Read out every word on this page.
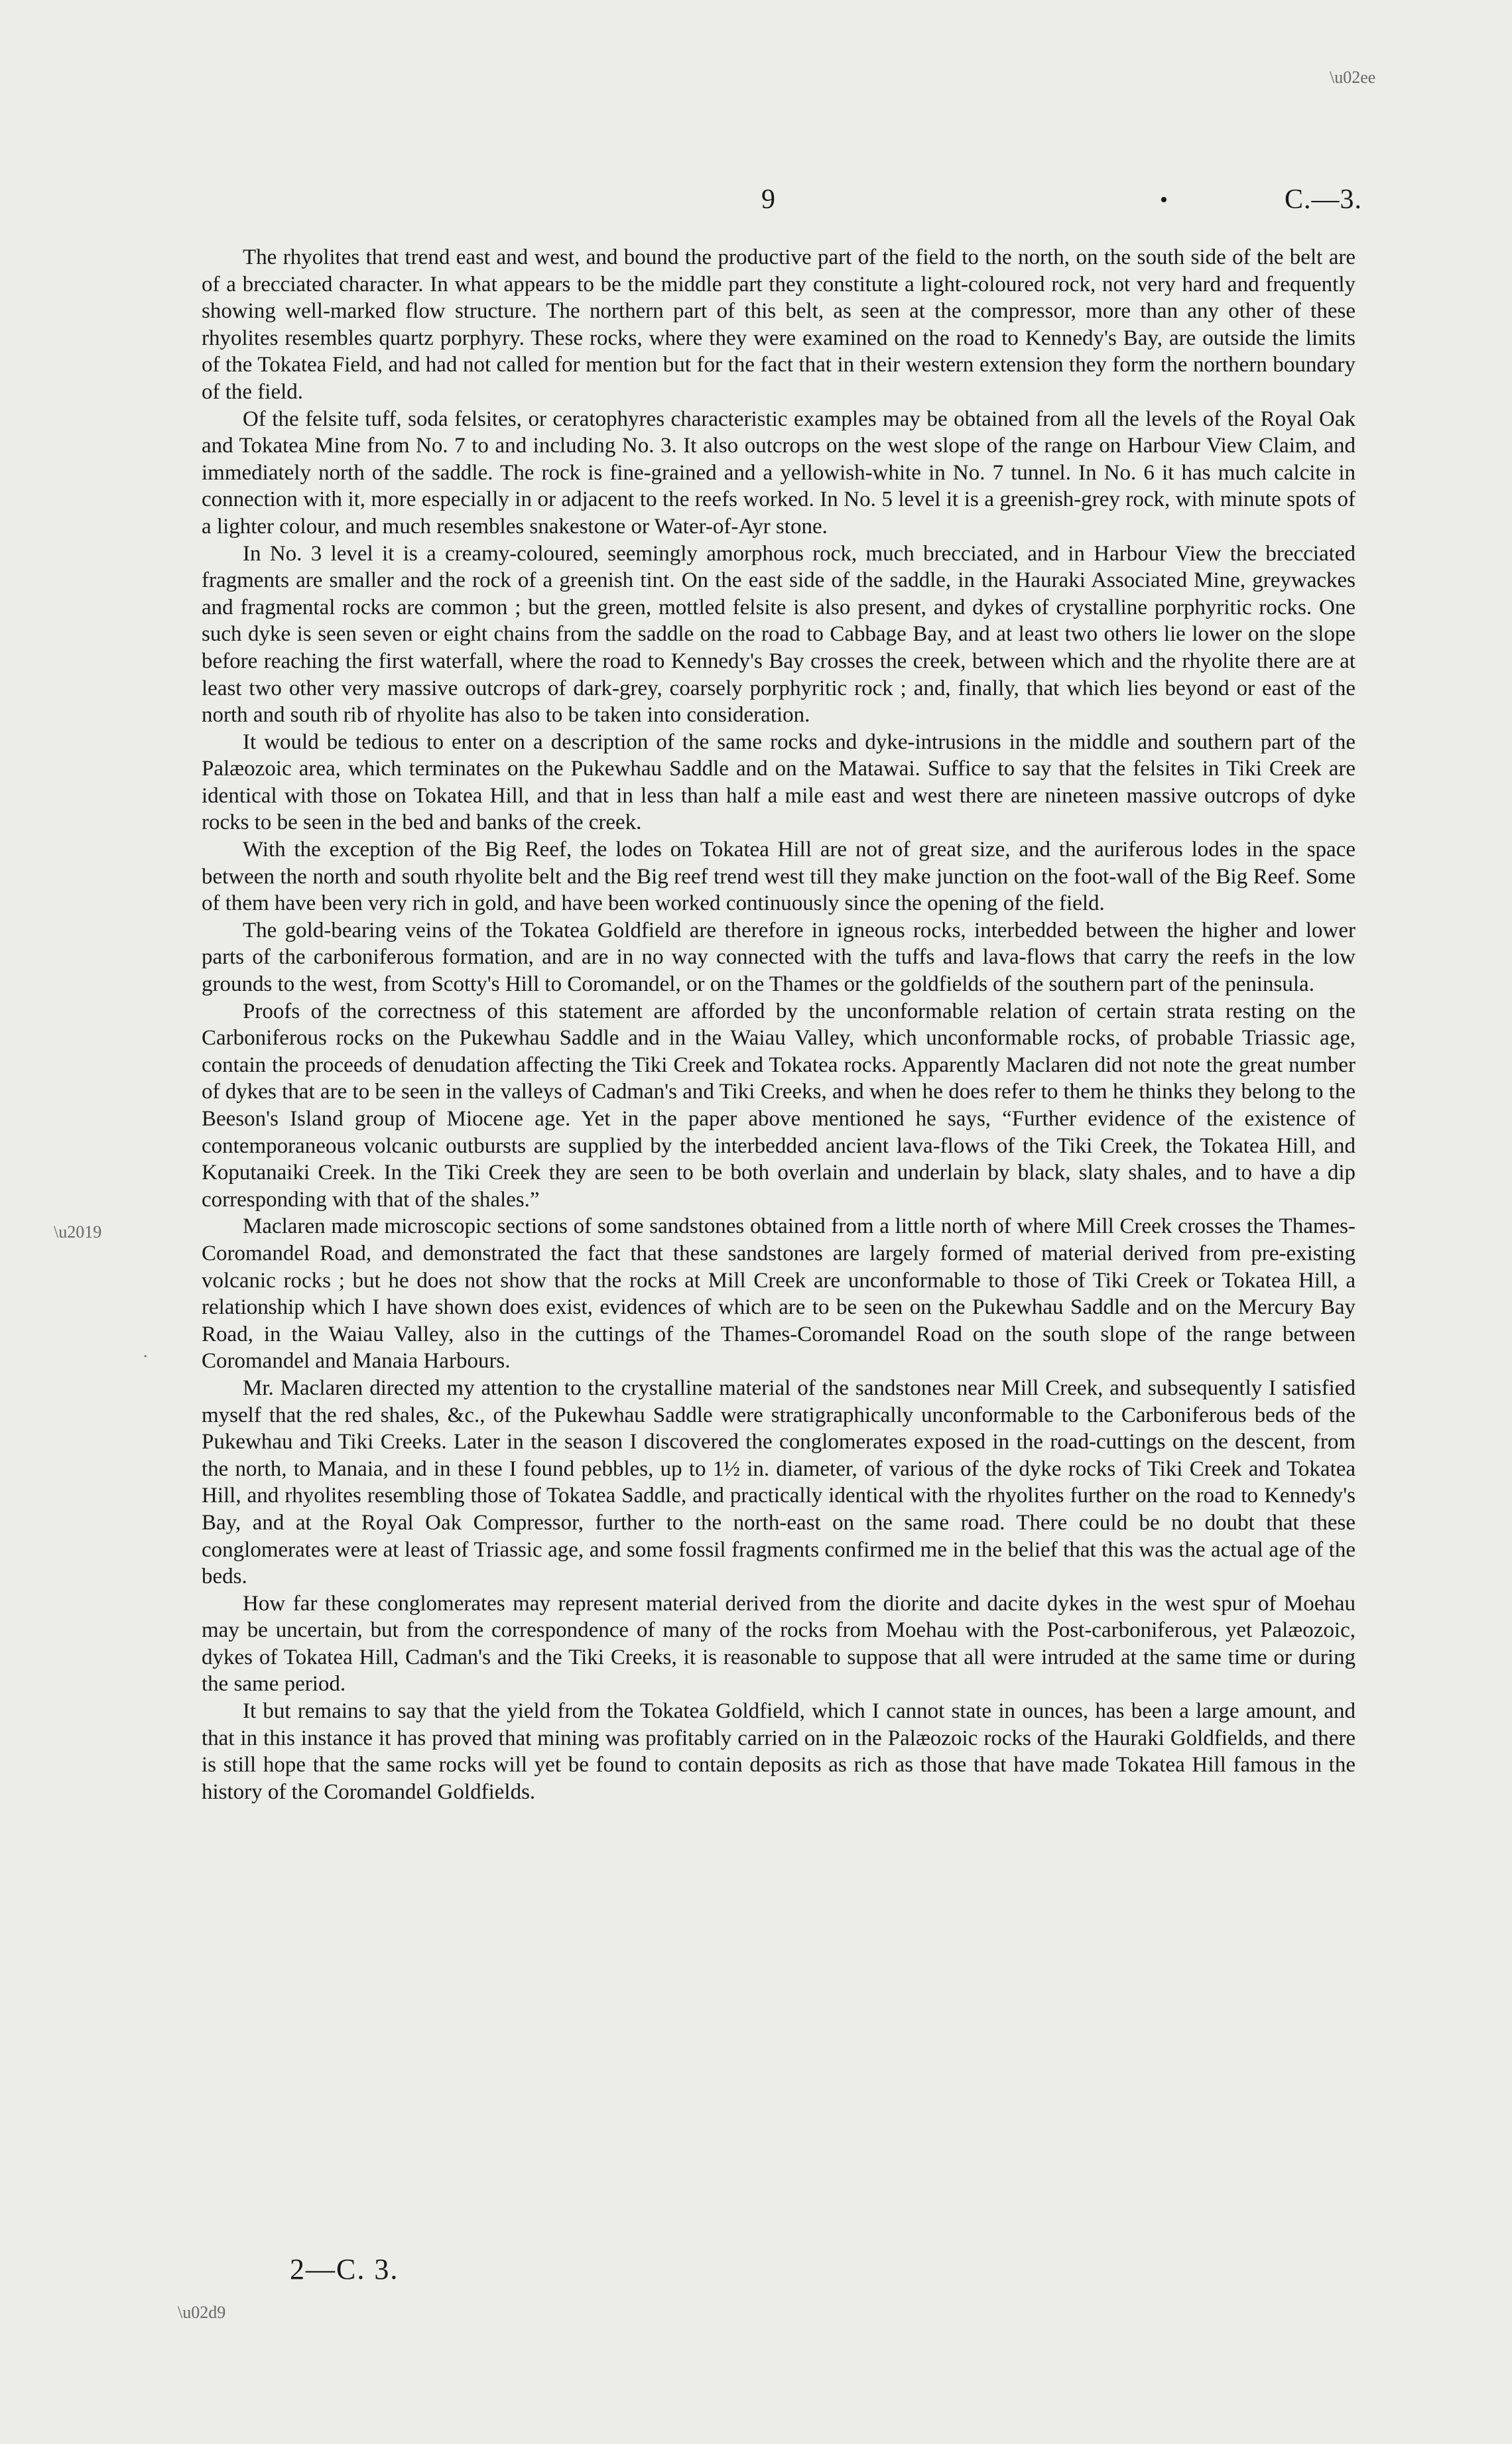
\u02ee
9	•	C.—3.

The rhyolites that trend east and west, and bound the productive part of the field to the north, on the south side of the belt are of a brecciated character. In what appears to be the middle part they constitute a light-coloured rock, not very hard and frequently showing well-marked flow structure. The northern part of this belt, as seen at the compressor, more than any other of these rhyolites resembles quartz porphyry. These rocks, where they were examined on the road to Kennedy's Bay, are outside the limits of the Tokatea Field, and had not called for mention but for the fact that in their western extension they form the northern boundary of the field.

Of the felsite tuff, soda felsites, or ceratophyres characteristic examples may be obtained from all the levels of the Royal Oak and Tokatea Mine from No. 7 to and including No. 3. It also outcrops on the west slope of the range on Harbour View Claim, and immediately north of the saddle. The rock is fine-grained and a yellowish-white in No. 7 tunnel. In No. 6 it has much calcite in connection with it, more especially in or adjacent to the reefs worked. In No. 5 level it is a greenish-grey rock, with minute spots of a lighter colour, and much resembles snakestone or Water-of-Ayr stone.

In No. 3 level it is a creamy-coloured, seemingly amorphous rock, much brecciated, and in Harbour View the brecciated fragments are smaller and the rock of a greenish tint. On the east side of the saddle, in the Hauraki Associated Mine, greywackes and fragmental rocks are common ; but the green, mottled felsite is also present, and dykes of crystalline porphyritic rocks. One such dyke is seen seven or eight chains from the saddle on the road to Cabbage Bay, and at least two others lie lower on the slope before reaching the first waterfall, where the road to Kennedy's Bay crosses the creek, between which and the rhyolite there are at least two other very massive outcrops of dark-grey, coarsely porphyritic rock ; and, finally, that which lies beyond or east of the north and south rib of rhyolite has also to be taken into consideration.

It would be tedious to enter on a description of the same rocks and dyke-intrusions in the middle and southern part of the Palæozoic area, which terminates on the Pukewhau Saddle and on the Matawai. Suffice to say that the felsites in Tiki Creek are identical with those on Tokatea Hill, and that in less than half a mile east and west there are nineteen massive outcrops of dyke rocks to be seen in the bed and banks of the creek.

With the exception of the Big Reef, the lodes on Tokatea Hill are not of great size, and the auriferous lodes in the space between the north and south rhyolite belt and the Big reef trend west till they make junction on the foot-wall of the Big Reef. Some of them have been very rich in gold, and have been worked continuously since the opening of the field.

The gold-bearing veins of the Tokatea Goldfield are therefore in igneous rocks, interbedded between the higher and lower parts of the carboniferous formation, and are in no way connected with the tuffs and lava-flows that carry the reefs in the low grounds to the west, from Scotty's Hill to Coromandel, or on the Thames or the goldfields of the southern part of the peninsula.

Proofs of the correctness of this statement are afforded by the unconformable relation of certain strata resting on the Carboniferous rocks on the Pukewhau Saddle and in the Waiau Valley, which unconformable rocks, of probable Triassic age, contain the proceeds of denudation affecting the Tiki Creek and Tokatea rocks. Apparently Maclaren did not note the great number of dykes that are to be seen in the valleys of Cadman's and Tiki Creeks, and when he does refer to them he thinks they belong to the Beeson's Island group of Miocene age. Yet in the paper above mentioned he says, “Further evidence of the existence of contemporaneous volcanic outbursts are supplied by the interbedded ancient lava-flows of the Tiki Creek, the Tokatea Hill, and Koputanaiki Creek. In the Tiki Creek they are seen to be both overlain and underlain by black, slaty shales, and to have a dip corresponding with that of the shales.”

Maclaren made microscopic sections of some sandstones obtained from a little north of where Mill Creek crosses the Thames-Coromandel Road, and demonstrated the fact that these sandstones are largely formed of material derived from pre-existing volcanic rocks ; but he does not show that the rocks at Mill Creek are unconformable to those of Tiki Creek or Tokatea Hill, a relationship which I have shown does exist, evidences of which are to be seen on the Pukewhau Saddle and on the Mercury Bay Road, in the Waiau Valley, also in the cuttings of the Thames-Coromandel Road on the south slope of the range between Coromandel and Manaia Harbours.

Mr. Maclaren directed my attention to the crystalline material of the sandstones near Mill Creek, and subsequently I satisfied myself that the red shales, &c., of the Pukewhau Saddle were stratigraphically unconformable to the Carboniferous beds of the Pukewhau and Tiki Creeks. Later in the season I discovered the conglomerates exposed in the road-cuttings on the descent, from the north, to Manaia, and in these I found pebbles, up to 1½ in. diameter, of various of the dyke rocks of Tiki Creek and Tokatea Hill, and rhyolites resembling those of Tokatea Saddle, and practically identical with the rhyolites further on the road to Kennedy's Bay, and at the Royal Oak Compressor, further to the north-east on the same road. There could be no doubt that these conglomerates were at least of Triassic age, and some fossil fragments confirmed me in the belief that this was the actual age of the beds.

How far these conglomerates may represent material derived from the diorite and dacite dykes in the west spur of Moehau may be uncertain, but from the correspondence of many of the rocks from Moehau with the Post-carboniferous, yet Palæozoic, dykes of Tokatea Hill, Cadman's and the Tiki Creeks, it is reasonable to suppose that all were intruded at the same time or during the same period.

It but remains to say that the yield from the Tokatea Goldfield, which I cannot state in ounces, has been a large amount, and that in this instance it has proved that mining was profitably carried on in the Palæozoic rocks of the Hauraki Goldfields, and there is still hope that the same rocks will yet be found to contain deposits as rich as those that have made Tokatea Hill famous in the history of the Coromandel Goldfields.

\u2019
.
2—C. 3.
\u02d9
